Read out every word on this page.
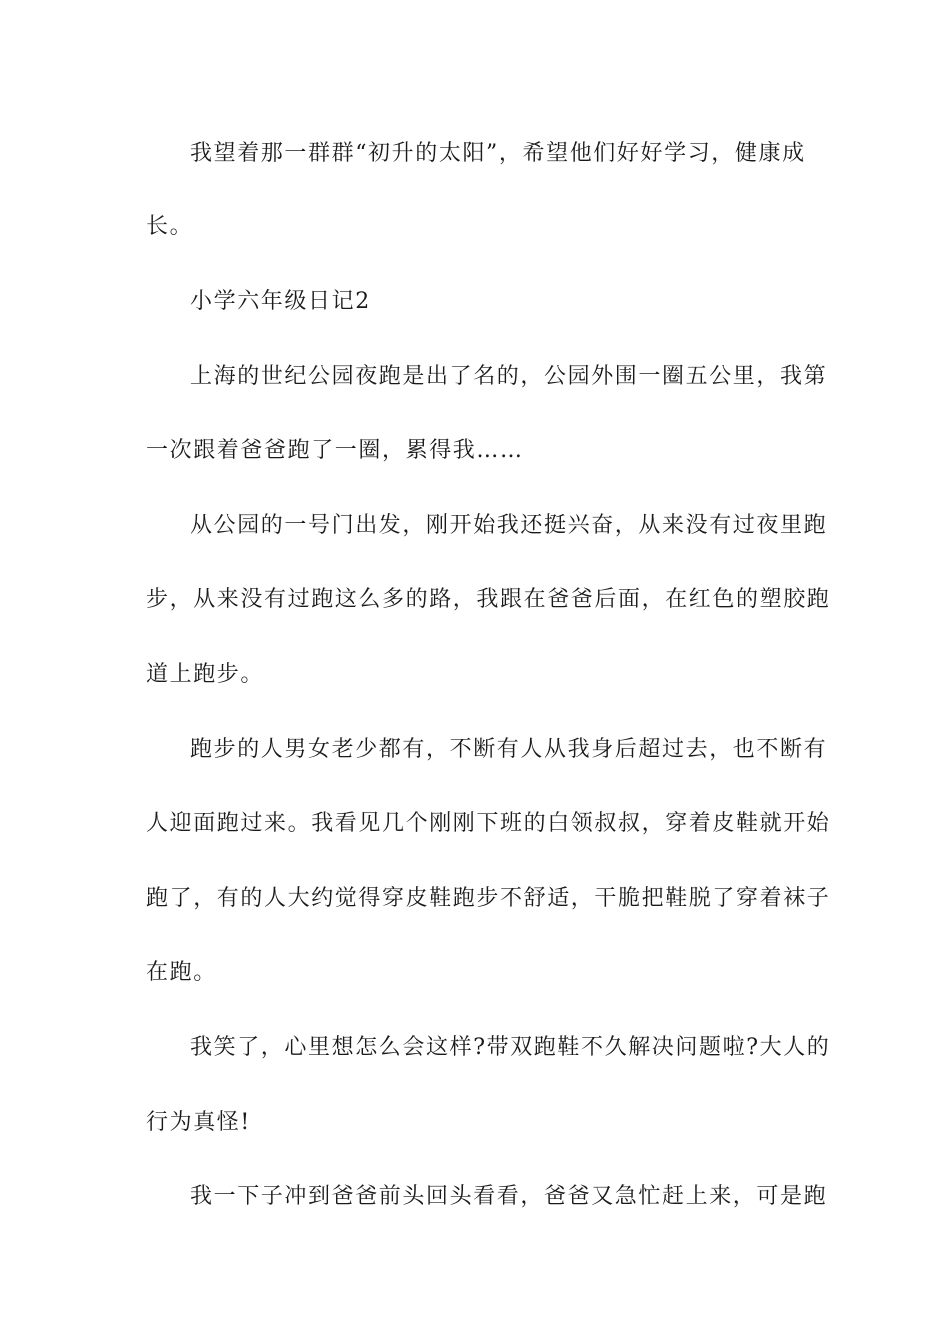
我望着那一群群“初升的太阳”，希望他们好好学习，健康成
长。
小学六年级日记2
上海的世纪公园夜跑是出了名的，公园外围一圈五公里，我第
一次跟着爸爸跑了一圈，累得我……
从公园的一号门出发，刚开始我还挺兴奋，从来没有过夜里跑
步，从来没有过跑这么多的路，我跟在爸爸后面，在红色的塑胶跑
道上跑步。
跑步的人男女老少都有，不断有人从我身后超过去，也不断有
人迎面跑过来。我看见几个刚刚下班的白领叔叔，穿着皮鞋就开始
跑了，有的人大约觉得穿皮鞋跑步不舒适，干脆把鞋脱了穿着袜子
在跑。
我笑了，心里想怎么会这样?带双跑鞋不久解决问题啦?大人的
行为真怪!
我一下子冲到爸爸前头回头看看，爸爸又急忙赶上来，可是跑
